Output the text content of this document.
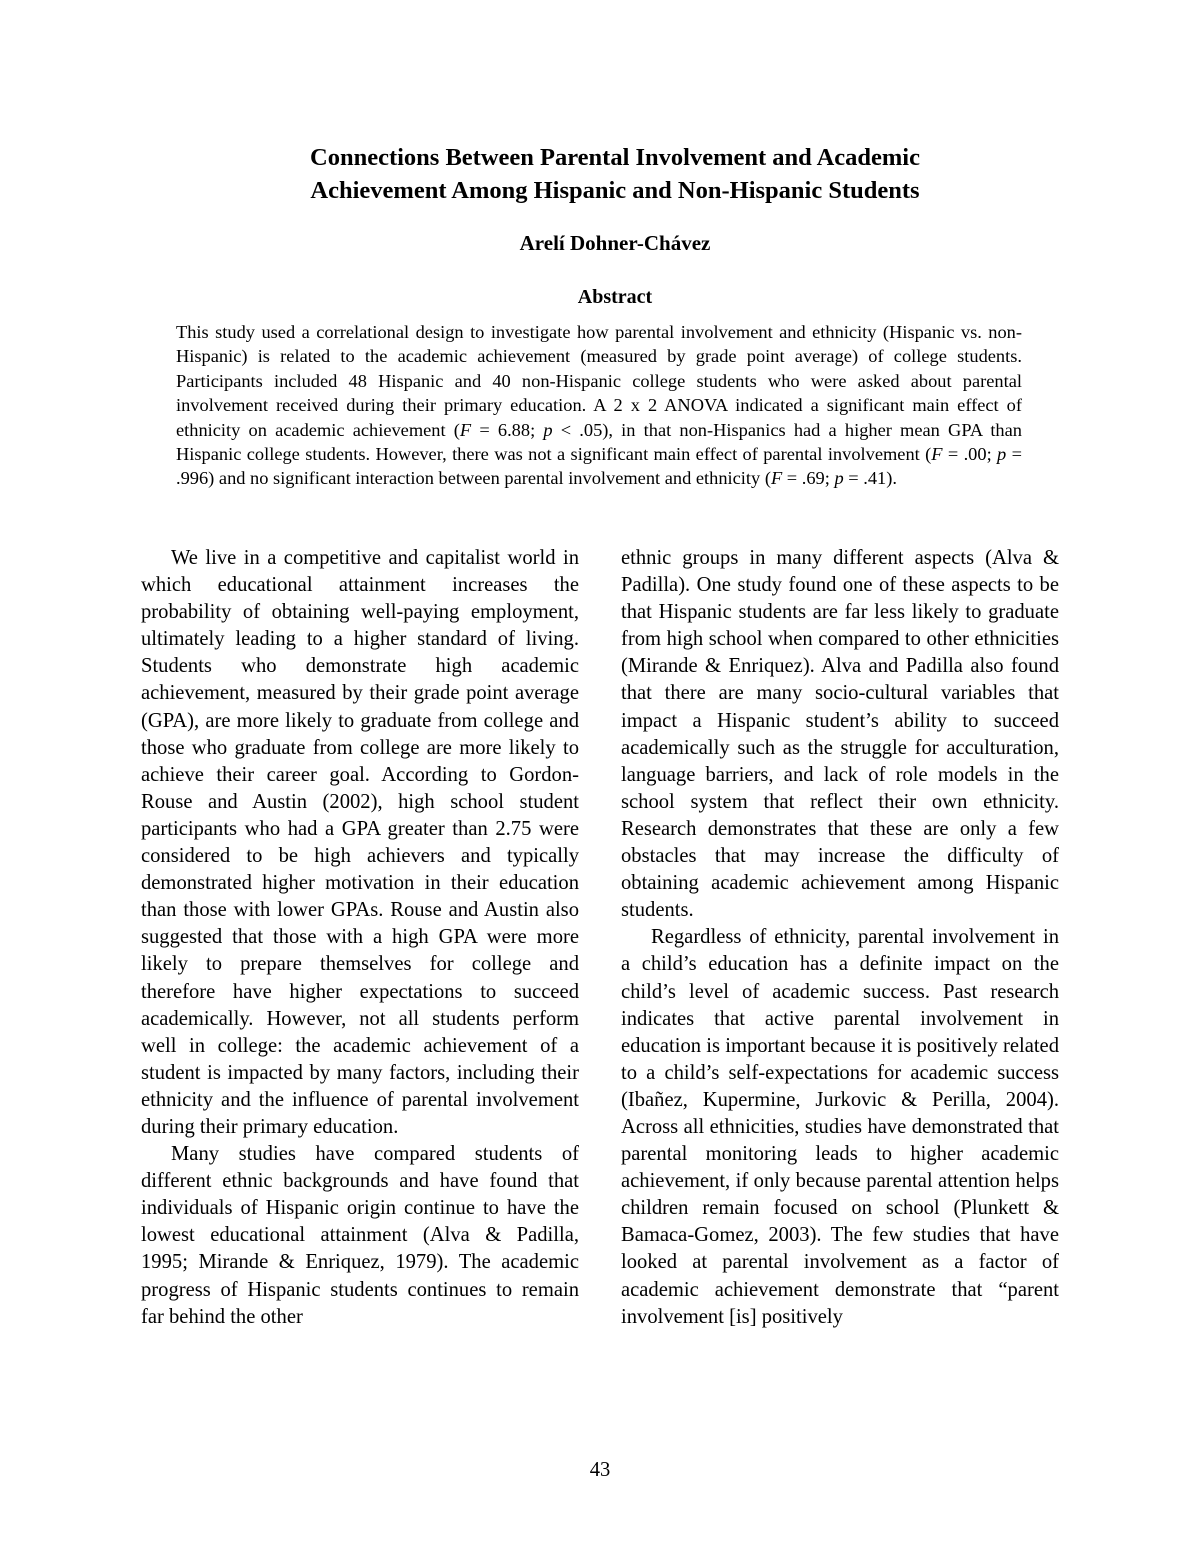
Connections Between Parental Involvement and Academic
Achievement Among Hispanic and Non-Hispanic Students
Arelí Dohner-Chávez
Abstract
This study used a correlational design to investigate how parental involvement and ethnicity (Hispanic vs. non-Hispanic) is related to the academic achievement (measured by grade point average) of college students. Participants included 48 Hispanic and 40 non-Hispanic college students who were asked about parental involvement received during their primary education. A 2 x 2 ANOVA indicated a significant main effect of ethnicity on academic achievement (F = 6.88; p < .05), in that non-Hispanics had a higher mean GPA than Hispanic college students. However, there was not a significant main effect of parental involvement (F = .00; p = .996) and no significant interaction between parental involvement and ethnicity (F = .69; p = .41).

We live in a competitive and capitalist world in which educational attainment increases the probability of obtaining well-paying employment, ultimately leading to a higher standard of living. Students who demonstrate high academic achievement, measured by their grade point average (GPA), are more likely to graduate from college and those who graduate from college are more likely to achieve their career goal. According to Gordon-Rouse and Austin (2002), high school student participants who had a GPA greater than 2.75 were considered to be high achievers and typically demonstrated higher motivation in their education than those with lower GPAs. Rouse and Austin also suggested that those with a high GPA were more likely to prepare themselves for college and therefore have higher expectations to succeed academically. However, not all students perform well in college: the academic achievement of a student is impacted by many factors, including their ethnicity and the influence of parental involvement during their primary education.

Many studies have compared students of different ethnic backgrounds and have found that individuals of Hispanic origin continue to have the lowest educational attainment (Alva & Padilla, 1995; Mirande & Enriquez, 1979). The academic progress of Hispanic students continues to remain far behind the other

ethnic groups in many different aspects (Alva & Padilla). One study found one of these aspects to be that Hispanic students are far less likely to graduate from high school when compared to other ethnicities (Mirande & Enriquez). Alva and Padilla also found that there are many socio-cultural variables that impact a Hispanic student’s ability to succeed academically such as the struggle for acculturation, language barriers, and lack of role models in the school system that reflect their own ethnicity. Research demonstrates that these are only a few obstacles that may increase the difficulty of obtaining academic achievement among Hispanic students.

Regardless of ethnicity, parental involvement in a child’s education has a definite impact on the child’s level of academic success. Past research indicates that active parental involvement in education is important because it is positively related to a child’s self-expectations for academic success (Ibañez, Kupermine, Jurkovic & Perilla, 2004). Across all ethnicities, studies have demonstrated that parental monitoring leads to higher academic achievement, if only because parental attention helps children remain focused on school (Plunkett & Bamaca-Gomez, 2003). The few studies that have looked at parental involvement as a factor of academic achievement demonstrate that “parent involvement [is] positively

43
